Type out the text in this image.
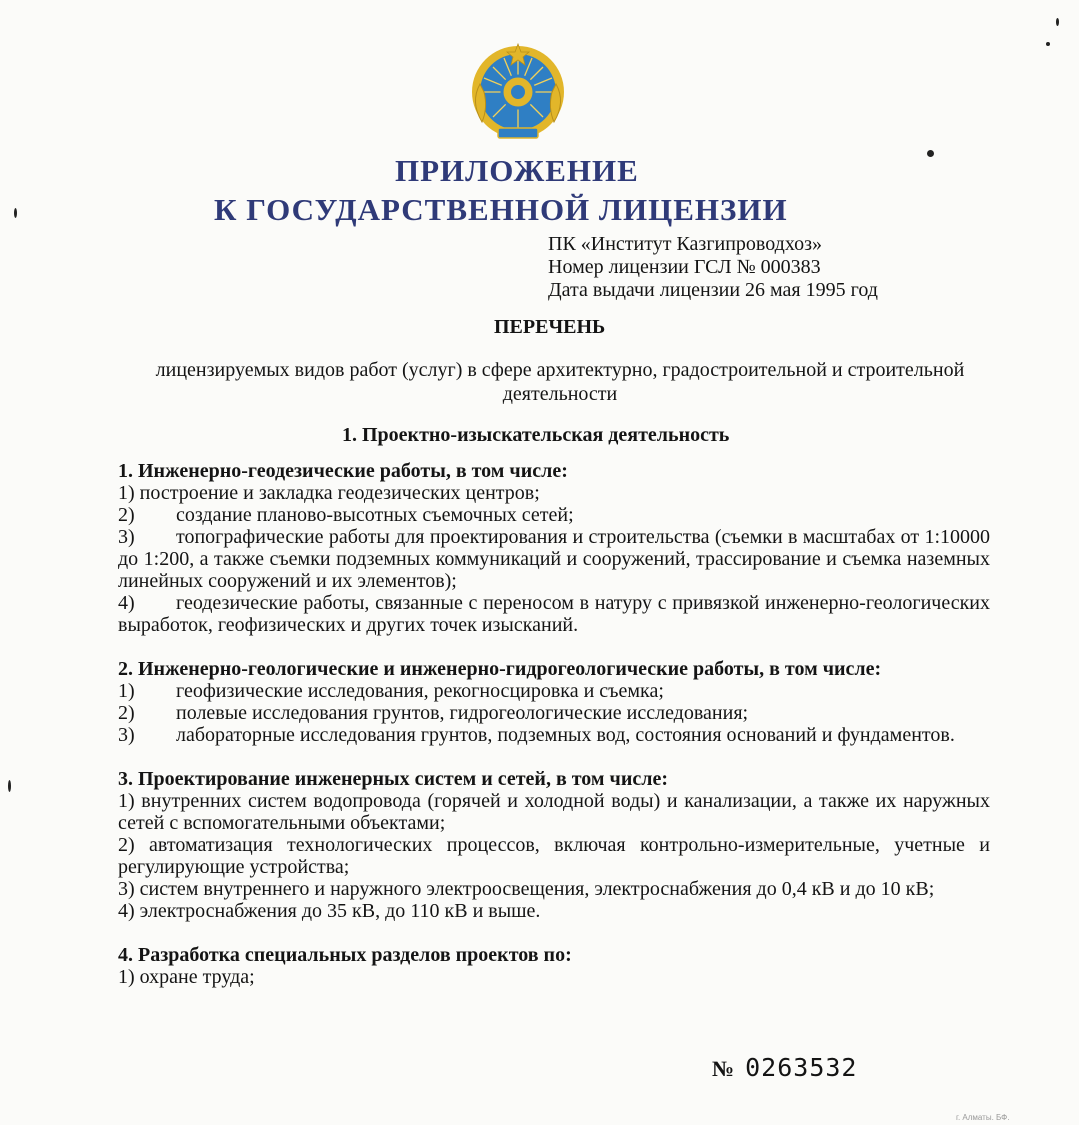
ПРИЛОЖЕНИЕ
К ГОСУДАРСТВЕННОЙ ЛИЦЕНЗИИ
ПК «Институт Казгипроводхоз»
Номер лицензии ГСЛ № 000383
Дата выдачи лицензии 26 мая 1995 год
ПЕРЕЧЕНЬ
лицензируемых видов работ (услуг) в сфере архитектурно, градостроительной и строительной деятельности
1. Проектно-изыскательская деятельность

1. Инженерно-геодезические работы, в том числе:

1) построение и закладка геодезических центров;

2) создание планово-высотных съемочных сетей;

3) топографические работы для проектирования и строительства (съемки в масштабах от 1:10000 до 1:200, а также съемки подземных коммуникаций и сооружений, трассирование и съемка наземных линейных сооружений и их элементов);

4) геодезические работы, связанные с переносом в натуру с привязкой инженерно-геологических выработок, геофизических и других точек изысканий.

2. Инженерно-геологические и инженерно-гидрогеологические работы, в том числе:

1) геофизические исследования, рекогносцировка и съемка;

2) полевые исследования грунтов, гидрогеологические исследования;

3) лабораторные исследования грунтов, подземных вод, состояния оснований и фундаментов.

3. Проектирование инженерных систем и сетей, в том числе:

1) внутренних систем водопровода (горячей и холодной воды) и канализации, а также их наружных сетей с вспомогательными объектами;

2) автоматизация технологических процессов, включая контрольно-измерительные, учетные и регулирующие устройства;

3) систем внутреннего и наружного электроосвещения, электроснабжения до 0,4 кВ и до 10 кВ;

4) электроснабжения до 35 кВ, до 110 кВ и выше.

4. Разработка специальных разделов проектов по:

1) охране труда;

№ 0263532
г. Алматы. БФ.
